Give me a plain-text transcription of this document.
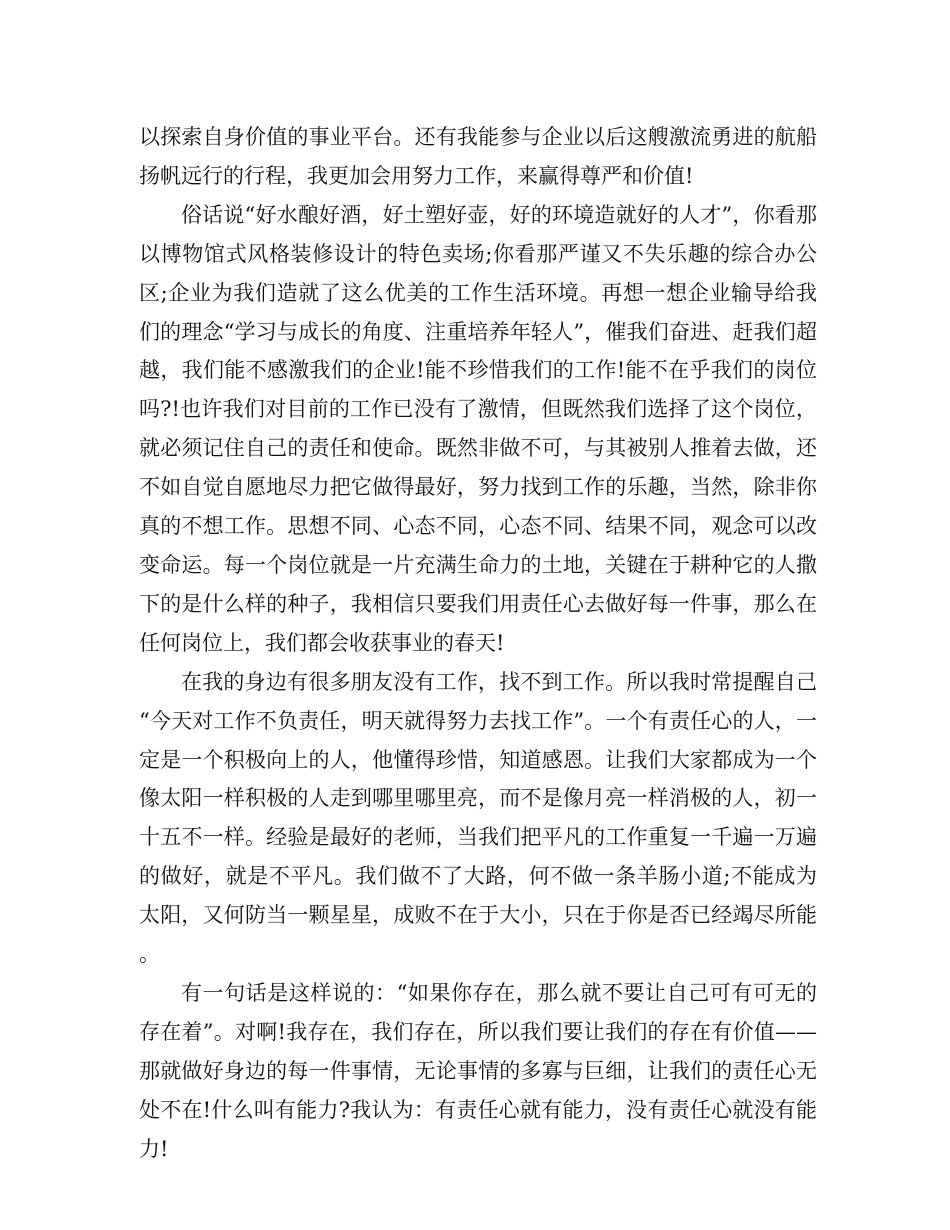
以探索自身价值的事业平台。还有我能参与企业以后这艘激流勇进的航船扬帆远行的行程，我更加会用努力工作，来赢得尊严和价值!

俗话说“好水酿好酒，好土塑好壶，好的环境造就好的人才”，你看那以博物馆式风格装修设计的特色卖场;你看那严谨又不失乐趣的综合办公区;企业为我们造就了这么优美的工作生活环境。再想一想企业输导给我们的理念“学习与成长的角度、注重培养年轻人”，催我们奋进、赶我们超越，我们能不感激我们的企业!能不珍惜我们的工作!能不在乎我们的岗位吗?!也许我们对目前的工作已没有了激情，但既然我们选择了这个岗位，就必须记住自己的责任和使命。既然非做不可，与其被别人推着去做，还不如自觉自愿地尽力把它做得最好，努力找到工作的乐趣，当然，除非你真的不想工作。思想不同、心态不同，心态不同、结果不同，观念可以改变命运。每一个岗位就是一片充满生命力的土地，关键在于耕种它的人撒下的是什么样的种子，我相信只要我们用责任心去做好每一件事，那么在任何岗位上，我们都会收获事业的春天!

在我的身边有很多朋友没有工作，找不到工作。所以我时常提醒自己“今天对工作不负责任，明天就得努力去找工作”。一个有责任心的人，一定是一个积极向上的人，他懂得珍惜，知道感恩。让我们大家都成为一个像太阳一样积极的人走到哪里哪里亮，而不是像月亮一样消极的人，初一十五不一样。经验是最好的老师，当我们把平凡的工作重复一千遍一万遍的做好，就是不平凡。我们做不了大路，何不做一条羊肠小道;不能成为太阳，又何防当一颗星星，成败不在于大小，只在于你是否已经竭尽所能。

有一句话是这样说的：“如果你存在，那么就不要让自己可有可无的存在着”。对啊!我存在，我们存在，所以我们要让我们的存在有价值——那就做好身边的每一件事情，无论事情的多寡与巨细，让我们的责任心无处不在!什么叫有能力?我认为：有责任心就有能力，没有责任心就没有能力!
